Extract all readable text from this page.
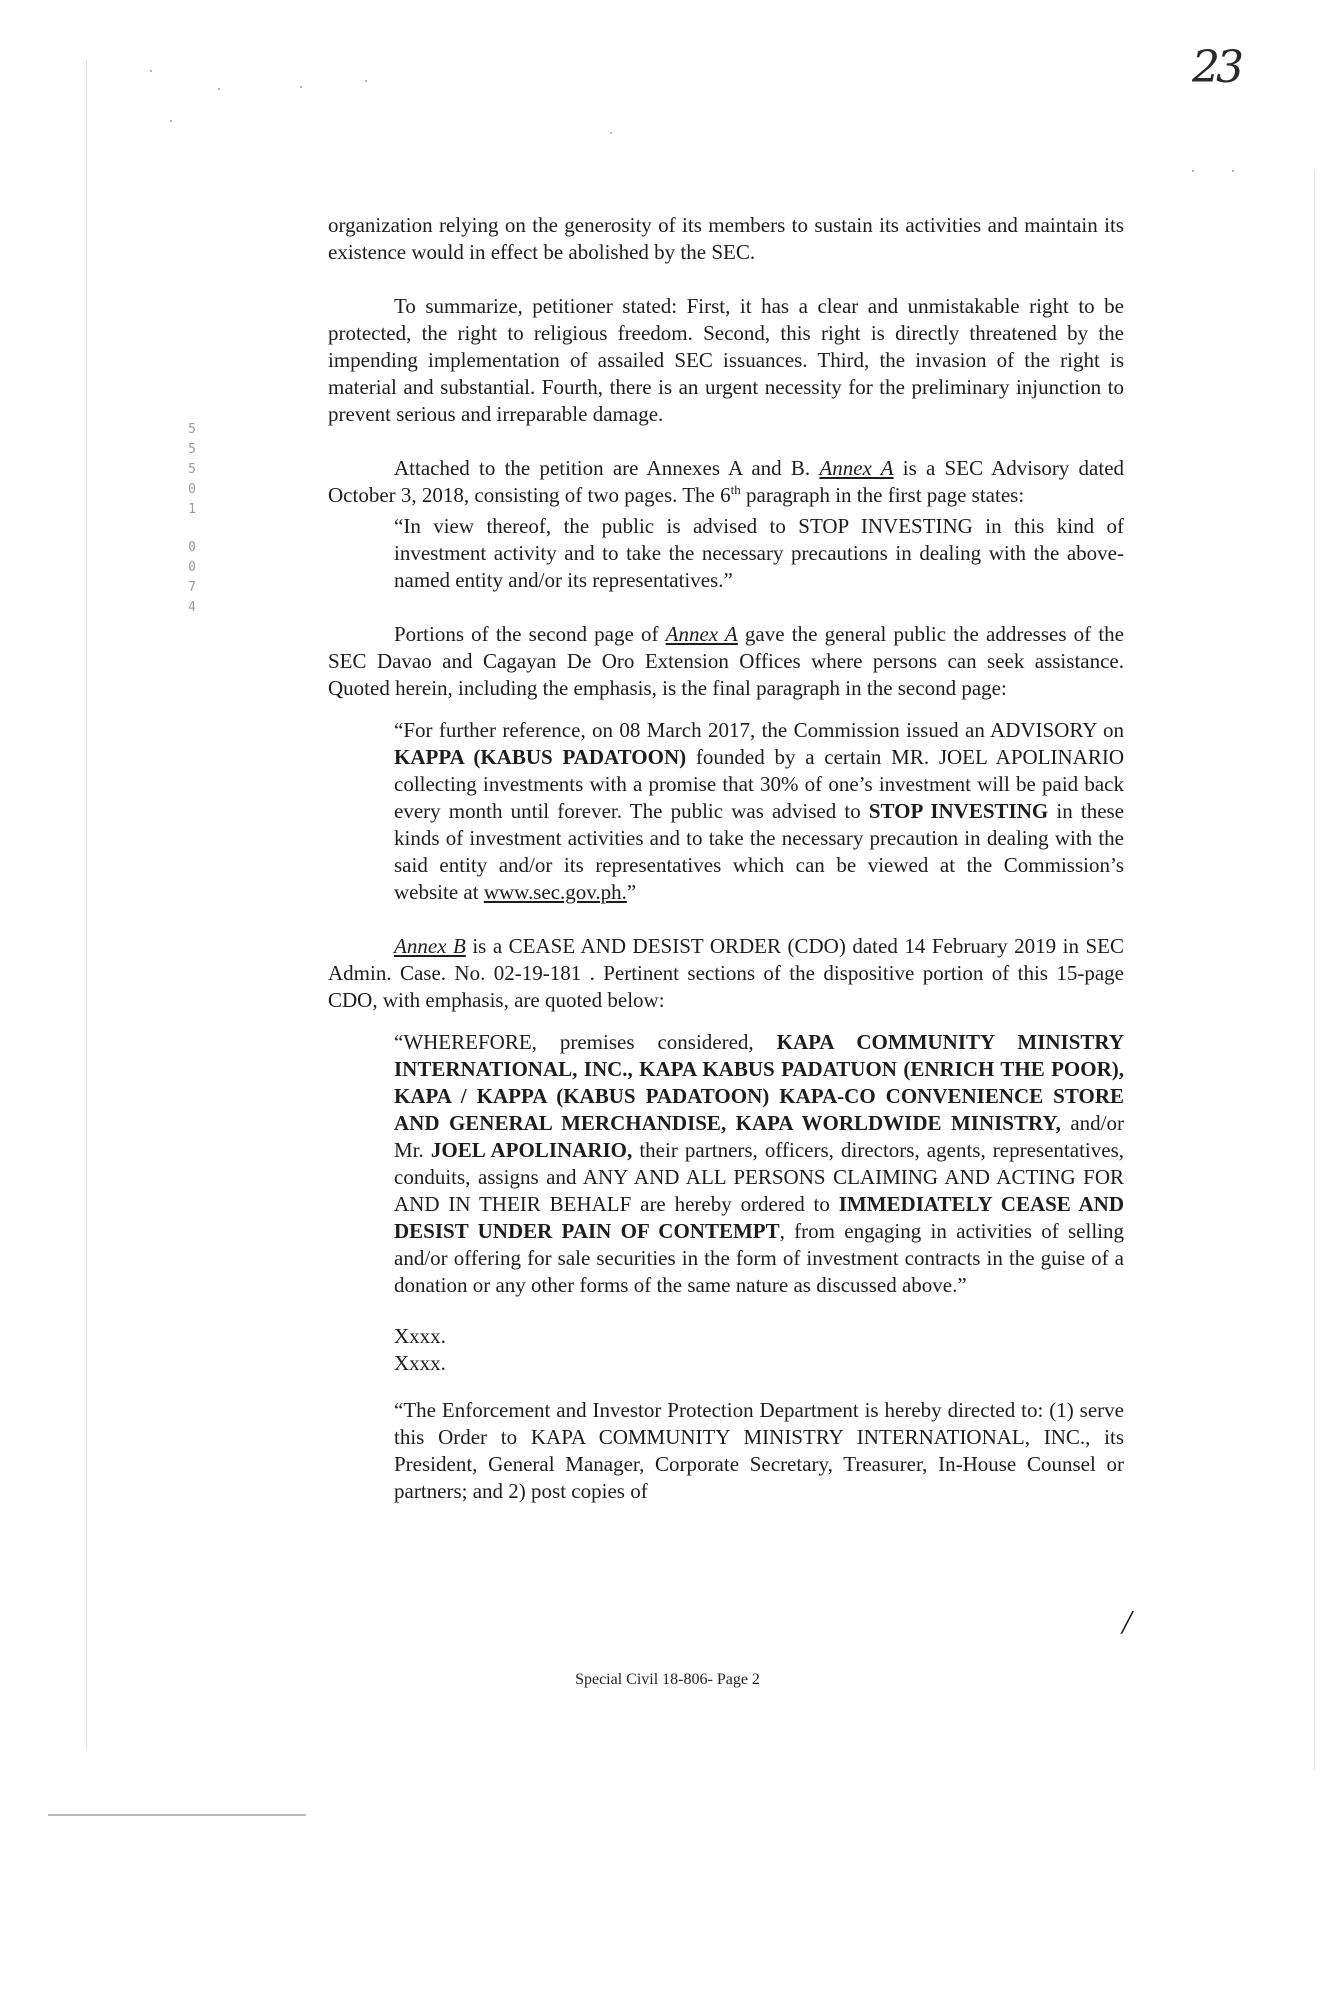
23
5
5
5
0
1
0
0
7
4

organization relying on the generosity of its members to sustain its activities and maintain its existence would in effect be abolished by the SEC.

To summarize, petitioner stated: First, it has a clear and unmistakable right to be protected, the right to religious freedom. Second, this right is directly threatened by the impending implementation of assailed SEC issuances. Third, the invasion of the right is material and substantial. Fourth, there is an urgent necessity for the preliminary injunction to prevent serious and irreparable damage.

Attached to the petition are Annexes A and B. Annex A is a SEC Advisory dated October 3, 2018, consisting of two pages. The 6th paragraph in the first page states:

“In view thereof, the public is advised to STOP INVESTING in this kind of investment activity and to take the necessary precautions in dealing with the above-named entity and/or its representatives.”

Portions of the second page of Annex A gave the general public the addresses of the SEC Davao and Cagayan De Oro Extension Offices where persons can seek assistance. Quoted herein, including the emphasis, is the final paragraph in the second page:

“For further reference, on 08 March 2017, the Commission issued an ADVISORY on KAPPA (KABUS PADATOON) founded by a certain MR. JOEL APOLINARIO collecting investments with a promise that 30% of one’s investment will be paid back every month until forever. The public was advised to STOP INVESTING in these kinds of investment activities and to take the necessary precaution in dealing with the said entity and/or its representatives which can be viewed at the Commission’s website at www.sec.gov.ph.”

Annex B is a CEASE AND DESIST ORDER (CDO) dated 14 February 2019 in SEC Admin. Case. No. 02-19-181 . Pertinent sections of the dispositive portion of this 15-page CDO, with emphasis, are quoted below:

“WHEREFORE, premises considered, KAPA COMMUNITY MINISTRY INTERNATIONAL, INC., KAPA KABUS PADATUON (ENRICH THE POOR), KAPA / KAPPA (KABUS PADATOON) KAPA-CO CONVENIENCE STORE AND GENERAL MERCHANDISE, KAPA WORLDWIDE MINISTRY, and/or Mr. JOEL APOLINARIO, their partners, officers, directors, agents, representatives, conduits, assigns and ANY AND ALL PERSONS CLAIMING AND ACTING FOR AND IN THEIR BEHALF are hereby ordered to IMMEDIATELY CEASE AND DESIST UNDER PAIN OF CONTEMPT, from engaging in activities of selling and/or offering for sale securities in the form of investment contracts in the guise of a donation or any other forms of the same nature as discussed above.”

Xxxx.

Xxxx.

“The Enforcement and Investor Protection Department is hereby directed to: (1) serve this Order to KAPA COMMUNITY MINISTRY INTERNATIONAL, INC., its President, General Manager, Corporate Secretary, Treasurer, In-House Counsel or partners; and 2) post copies of

/
Special Civil 18-806- Page 2
